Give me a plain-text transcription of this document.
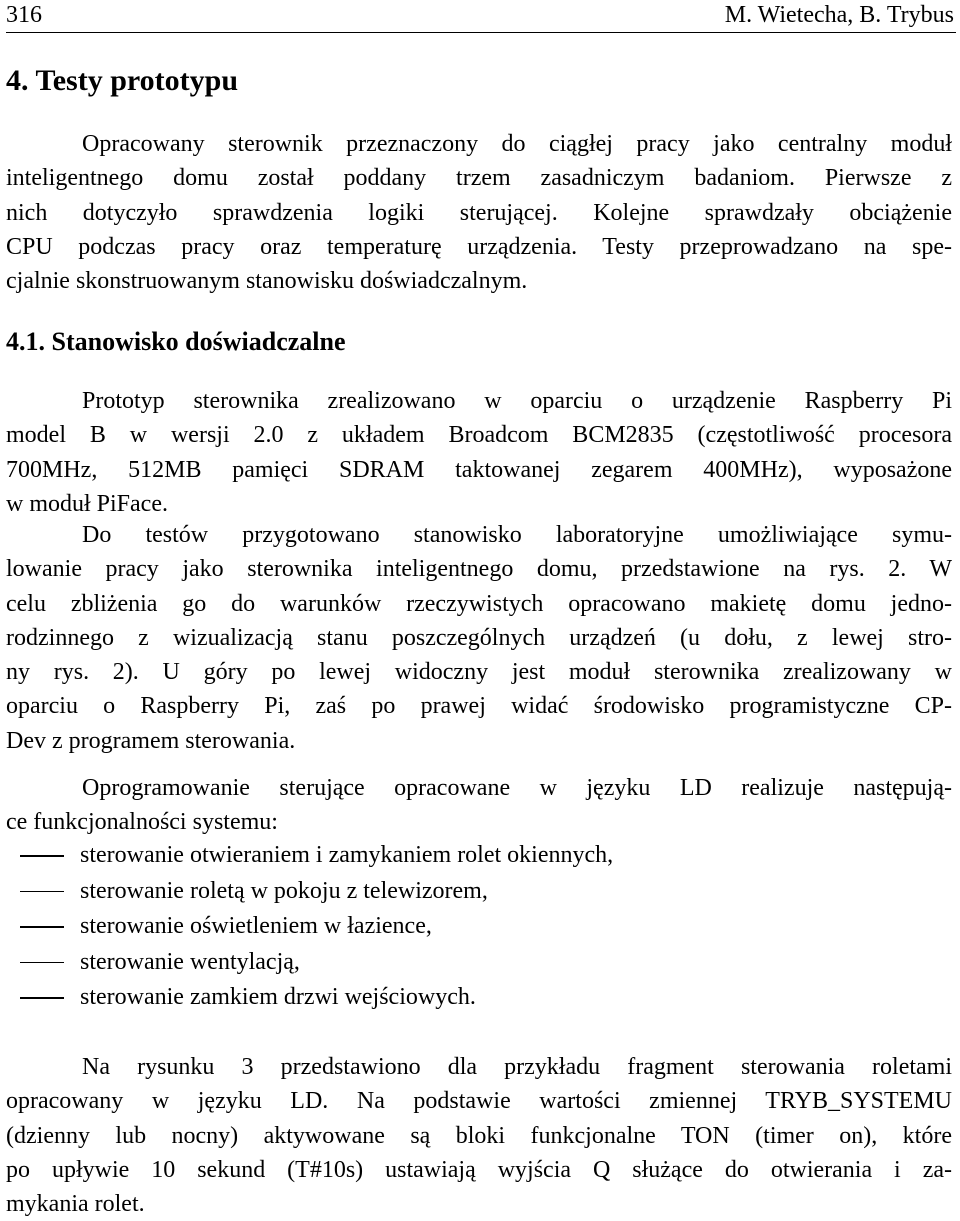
316	M. Wietecha, B. Trybus
4. Testy prototypu

Opracowany sterownik przeznaczony do ciągłej pracy jako centralny moduł
inteligentnego domu został poddany trzem zasadniczym badaniom. Pierwsze z
nich dotyczyło sprawdzenia logiki sterującej. Kolejne sprawdzały obciążenie
CPU podczas pracy oraz temperaturę urządzenia. Testy przeprowadzano na spe-
cjalnie skonstruowanym stanowisku doświadczalnym.

4.1. Stanowisko doświadczalne

Prototyp sterownika zrealizowano w oparciu o urządzenie Raspberry Pi
model B w wersji 2.0 z układem Broadcom BCM2835 (częstotliwość procesora
700MHz, 512MB pamięci SDRAM taktowanej zegarem 400MHz), wyposażone
w moduł PiFace.

Do testów przygotowano stanowisko laboratoryjne umożliwiające symu-
lowanie pracy jako sterownika inteligentnego domu, przedstawione na rys. 2. W
celu zbliżenia go do warunków rzeczywistych opracowano makietę domu jedno-
rodzinnego z wizualizacją stanu poszczególnych urządzeń (u dołu, z lewej stro-
ny rys. 2). U góry po lewej widoczny jest moduł sterownika zrealizowany w
oparciu o Raspberry Pi, zaś po prawej widać środowisko programistyczne CP-
Dev z programem sterowania.

Oprogramowanie sterujące opracowane w języku LD realizuje następują-
ce funkcjonalności systemu:

sterowanie otwieraniem i zamykaniem rolet okiennych,
sterowanie roletą w pokoju z telewizorem,
sterowanie oświetleniem w łazience,
sterowanie wentylacją,
sterowanie zamkiem drzwi wejściowych.

Na rysunku 3 przedstawiono dla przykładu fragment sterowania roletami
opracowany w języku LD. Na podstawie wartości zmiennej TRYB_SYSTEMU
(dzienny lub nocny) aktywowane są bloki funkcjonalne TON (timer on), które
po upływie 10 sekund (T#10s) ustawiają wyjścia Q służące do otwierania i za-
mykania rolet.
